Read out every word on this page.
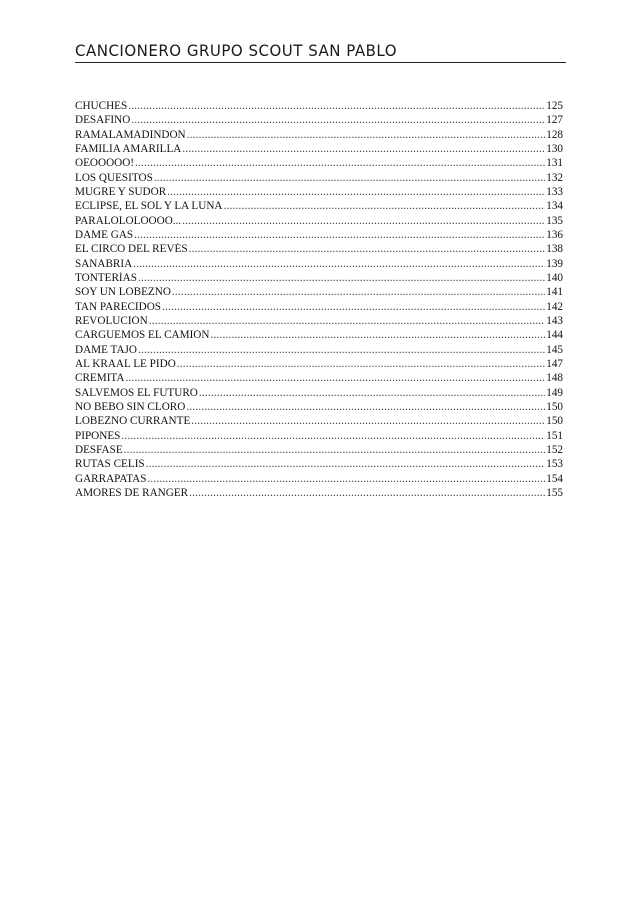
CANCIONERO GRUPO SCOUT SAN PABLO
CHUCHES .....	125
DESAFINO .....	127
RAMALAMADINDON .....	128
FAMILIA AMARILLA .....	130
OEOOOOO! .....	131
LOS QUESITOS .....	132
MUGRE Y SUDOR .....	133
ECLIPSE, EL SOL Y LA LUNA .....	134
PARALOLOLOOOO... .....	135
DAME GAS .....	136
EL CIRCO DEL REVÉS .....	138
SANABRIA .....	139
TONTERÍAS .....	140
SOY UN LOBEZNO .....	141
TAN PARECIDOS .....	142
REVOLUCIÓN .....	143
CARGUEMOS EL CAMIÓN .....	144
DAME TAJO .....	145
AL KRAAL LE PIDO .....	147
CREMITA .....	148
SALVEMOS EL FUTURO .....	149
NO BEBO SIN CLORO .....	150
LOBEZNO CURRANTE .....	150
PIPONES .....	151
DESFASE .....	152
RUTAS CELIS .....	153
GARRAPATAS .....	154
AMORES DE RANGER .....	155
